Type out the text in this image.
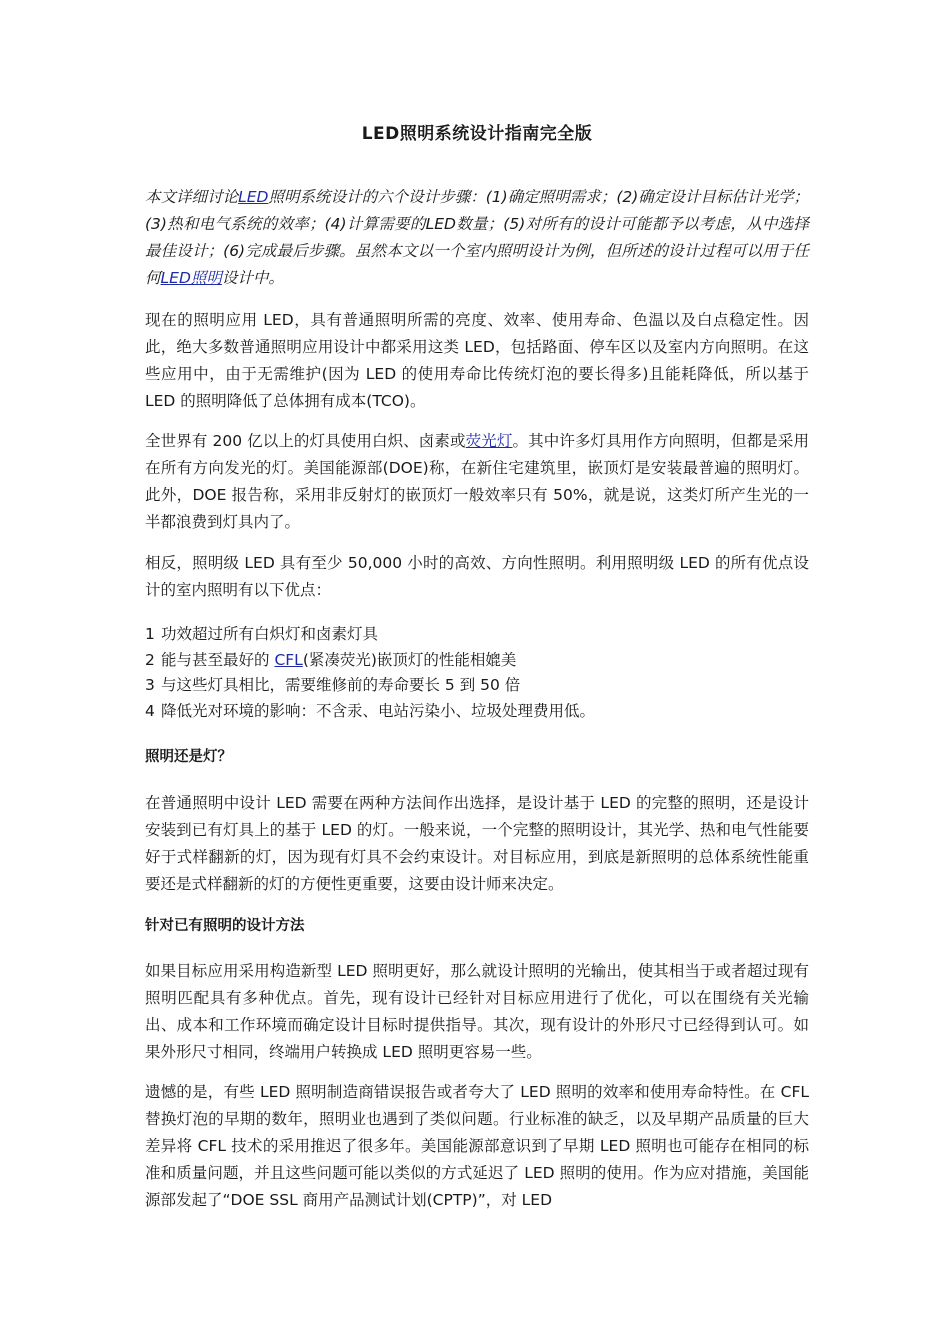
LED照明系统设计指南完全版
本文详细讨论LED照明系统设计的六个设计步骤：(1)确定照明需求；(2)确定设计目标估计光学；(3)热和电气系统的效率；(4)计算需要的LED数量；(5)对所有的设计可能都予以考虑，从中选择最佳设计；(6)完成最后步骤。虽然本文以一个室内照明设计为例，但所述的设计过程可以用于任何LED照明设计中。
现在的照明应用 LED，具有普通照明所需的亮度、效率、使用寿命、色温以及白点稳定性。因此，绝大多数普通照明应用设计中都采用这类 LED，包括路面、停车区以及室内方向照明。在这些应用中，由于无需维护(因为 LED 的使用寿命比传统灯泡的要长得多)且能耗降低，所以基于 LED 的照明降低了总体拥有成本(TCO)。
全世界有 200 亿以上的灯具使用白炽、卤素或荧光灯。其中许多灯具用作方向照明，但都是采用在所有方向发光的灯。美国能源部(DOE)称，在新住宅建筑里，嵌顶灯是安装最普遍的照明灯。此外，DOE 报告称，采用非反射灯的嵌顶灯一般效率只有 50%，就是说，这类灯所产生光的一半都浪费到灯具内了。
相反，照明级 LED 具有至少 50,000 小时的高效、方向性照明。利用照明级 LED 的所有优点设计的室内照明有以下优点：
1 功效超过所有白炽灯和卤素灯具
2 能与甚至最好的 CFL(紧凑荧光)嵌顶灯的性能相媲美
3 与这些灯具相比，需要维修前的寿命要长 5 到 50 倍
4 降低光对环境的影响：不含汞、电站污染小、垃圾处理费用低。
照明还是灯？
在普通照明中设计 LED 需要在两种方法间作出选择，是设计基于 LED 的完整的照明，还是设计安装到已有灯具上的基于 LED 的灯。一般来说，一个完整的照明设计，其光学、热和电气性能要好于式样翻新的灯，因为现有灯具不会约束设计。对目标应用，到底是新照明的总体系统性能重要还是式样翻新的灯的方便性更重要，这要由设计师来决定。
针对已有照明的设计方法
如果目标应用采用构造新型 LED 照明更好，那么就设计照明的光输出，使其相当于或者超过现有照明匹配具有多种优点。首先，现有设计已经针对目标应用进行了优化，可以在围绕有关光输出、成本和工作环境而确定设计目标时提供指导。其次，现有设计的外形尺寸已经得到认可。如果外形尺寸相同，终端用户转换成 LED 照明更容易一些。
遗憾的是，有些 LED 照明制造商错误报告或者夸大了 LED 照明的效率和使用寿命特性。在 CFL 替换灯泡的早期的数年，照明业也遇到了类似问题。行业标准的缺乏，以及早期产品质量的巨大差异将 CFL 技术的采用推迟了很多年。美国能源部意识到了早期 LED 照明也可能存在相同的标准和质量问题，并且这些问题可能以类似的方式延迟了 LED 照明的使用。作为应对措施，美国能源部发起了“DOE SSL 商用产品测试计划(CPTP)”，对 LED
